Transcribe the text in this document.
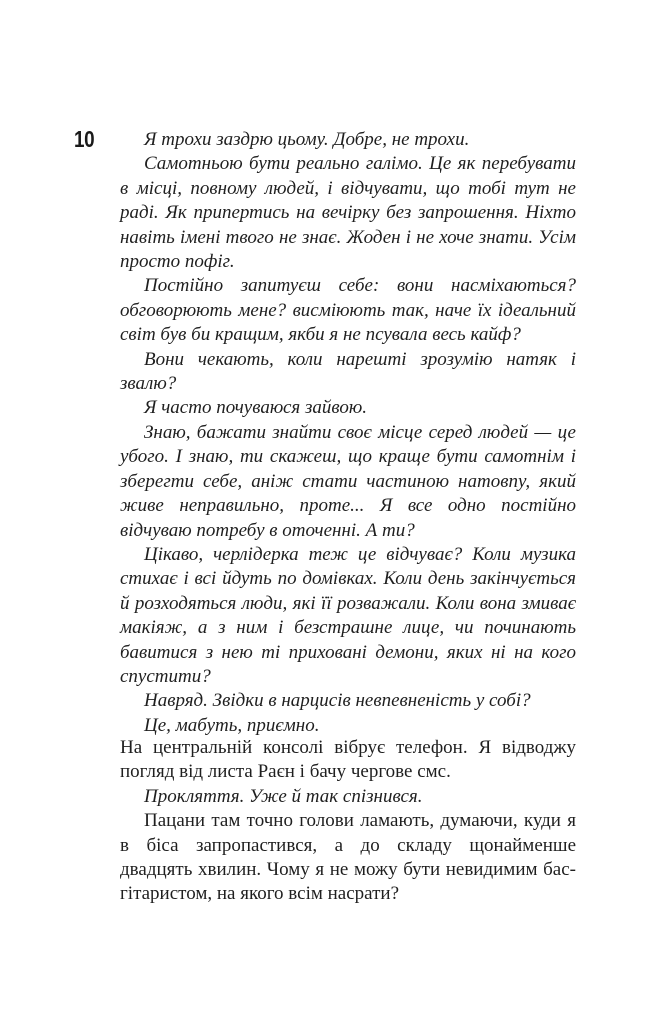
10	Я трохи заздрю цьому. Добре, не трохи.

Самотньою бути реально галімо. Це як перебувати в місці, повному людей, і відчувати, що тобі тут не раді. Як припертись на вечірку без запрошення. Ніхто навіть імені твого не знає. Жоден і не хоче знати. Усім просто пофіг.

Постійно запитуєш себе: вони насміхаються? обговорюють мене? висміюють так, наче їх ідеальний світ був би кращим, якби я не псувала весь кайф?

Вони чекають, коли нарешті зрозумію натяк і звалю?

Я часто почуваюся зайвою.

Знаю, бажати знайти своє місце серед людей — це убого. І знаю, ти скажеш, що краще бути самотнім і зберегти себе, аніж стати частиною натовпу, який живе неправильно, проте... Я все одно постійно відчуваю потребу в оточенні. А ти?

Цікаво, черлідерка теж це відчуває? Коли музика стихає і всі йдуть по домівках. Коли день закінчується й розходяться люди, які її розважали. Коли вона змиває макіяж, а з ним і безстрашне лице, чи починають бавитися з нею ті приховані демони, яких ні на кого спустити?

Навряд. Звідки в нарцисів невпевненість у собі?

Це, мабуть, приємно.

На центральній консолі вібрує телефон. Я відводжу погляд від листа Раєн і бачу чергове смс.

Прокляття. Уже й так спізнився.

Пацани там точно голови ламають, думаючи, куди я в біса запропастився, а до складу щонайменше двадцять хвилин. Чому я не можу бути невидимим бас-гітаристом, на якого всім насрати?
